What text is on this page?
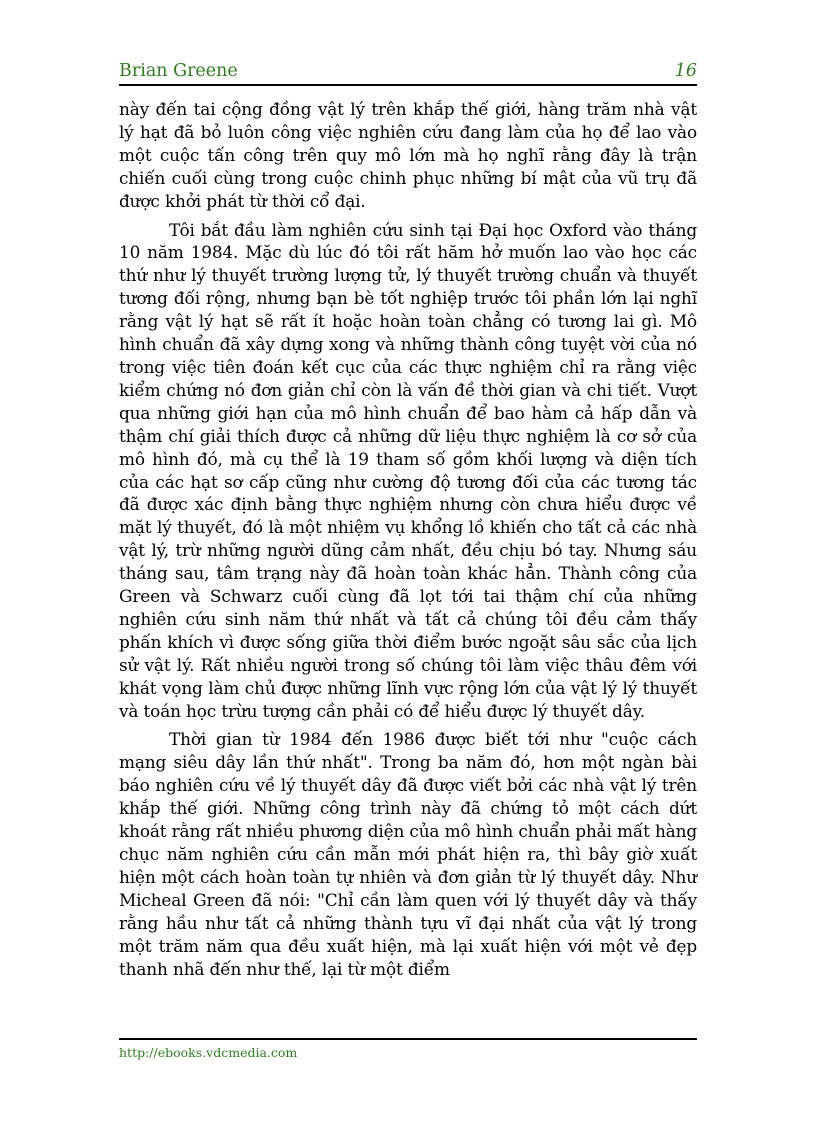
Brian Greene	16

này đến tai cộng đồng vật lý trên khắp thế giới, hàng trăm nhà vật lý hạt đã bỏ luôn công việc nghiên cứu đang làm của họ để lao vào một cuộc tấn công trên quy mô lớn mà họ nghĩ rằng đây là trận chiến cuối cùng trong cuộc chinh phục những bí mật của vũ trụ đã được khởi phát từ thời cổ đại.

Tôi bắt đầu làm nghiên cứu sinh tại Đại học Oxford vào tháng 10 năm 1984. Mặc dù lúc đó tôi rất hăm hở muốn lao vào học các thứ như lý thuyết trường lượng tử, lý thuyết trường chuẩn và thuyết tương đối rộng, nhưng bạn bè tốt nghiệp trước tôi phần lớn lại nghĩ rằng vật lý hạt sẽ rất ít hoặc hoàn toàn chẳng có tương lai gì. Mô hình chuẩn đã xây dựng xong và những thành công tuyệt vời của nó trong việc tiên đoán kết cục của các thực nghiệm chỉ ra rằng việc kiểm chứng nó đơn giản chỉ còn là vấn đề thời gian và chi tiết. Vượt qua những giới hạn của mô hình chuẩn để bao hàm cả hấp dẫn và thậm chí giải thích được cả những dữ liệu thực nghiệm là cơ sở của mô hình đó, mà cụ thể là 19 tham số gồm khối lượng và diện tích của các hạt sơ cấp cũng như cường độ tương đối của các tương tác đã được xác định bằng thực nghiệm nhưng còn chưa hiểu được về mặt lý thuyết, đó là một nhiệm vụ khổng lồ khiến cho tất cả các nhà vật lý, trừ những người dũng cảm nhất, đều chịu bó tay. Nhưng sáu tháng sau, tâm trạng này đã hoàn toàn khác hẳn. Thành công của Green và Schwarz cuối cùng đã lọt tới tai thậm chí của những nghiên cứu sinh năm thứ nhất và tất cả chúng tôi đều cảm thấy phấn khích vì được sống giữa thời điểm bước ngoặt sâu sắc của lịch sử vật lý. Rất nhiều người trong số chúng tôi làm việc thâu đêm với khát vọng làm chủ được những lĩnh vực rộng lớn của vật lý lý thuyết và toán học trừu tượng cần phải có để hiểu được lý thuyết dây.

Thời gian từ 1984 đến 1986 được biết tới như "cuộc cách mạng siêu dây lần thứ nhất". Trong ba năm đó, hơn một ngàn bài báo nghiên cứu về lý thuyết dây đã được viết bởi các nhà vật lý trên khắp thế giới. Những công trình này đã chứng tỏ một cách dứt khoát rằng rất nhiều phương diện của mô hình chuẩn phải mất hàng chục năm nghiên cứu cần mẫn mới phát hiện ra, thì bây giờ xuất hiện một cách hoàn toàn tự nhiên và đơn giản từ lý thuyết dây. Như Micheal Green đã nói: "Chỉ cần làm quen với lý thuyết dây và thấy rằng hầu như tất cả những thành tựu vĩ đại nhất của vật lý trong một trăm năm qua đều xuất hiện, mà lại xuất hiện với một vẻ đẹp thanh nhã đến như thế, lại từ một điểm

http://ebooks.vdcmedia.com
